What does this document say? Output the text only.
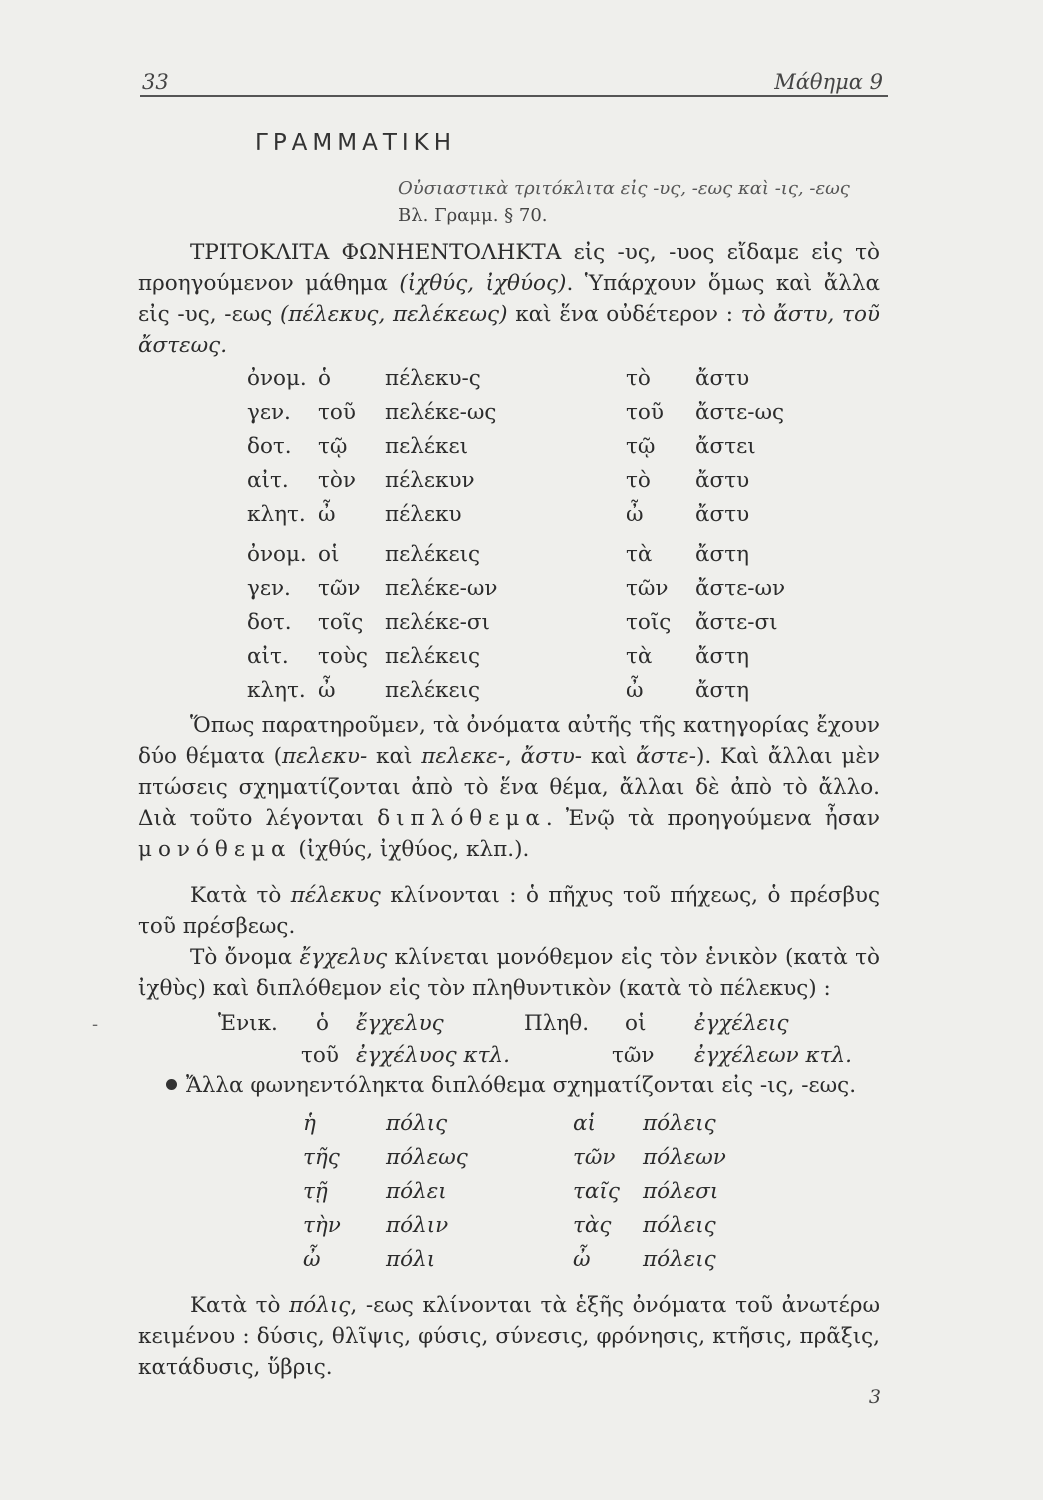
33	Μάθημα 9
ΓΡΑΜΜΑΤΙΚΗ
Οὐσιαστικὰ τριτόκλιτα εἰς -υς, -εως καὶ -ις, -εως
Βλ. Γραμμ. § 70.

ΤΡΙΤΟΚΛΙΤΑ ΦΩΝΗΕΝΤΟΛΗΚΤΑ εἰς -υς, -υος εἴδαμε εἰς τὸ προηγούμενον μάθημα (ἰχθύς, ἰχθύος). Ὑπάρχουν ὅμως καὶ ἄλλα εἰς -υς, -εως (πέλεκυς, πελέκεως) καὶ ἕνα οὐδέτερον : τὸ ἄστυ, τοῦ ἄστεως.

ὀνομ. ὁ	πέλεκυ-ς	τὸ ἄστυ
γεν. τοῦ πελέκε-ως	τοῦ ἄστε-ως
δοτ. τῷ πελέκει	τῷ ἄστει
αἰτ. τὸν πέλεκυν	τὸ ἄστυ
κλητ. ὦ πέλεκυ	ὦ ἄστυ
ὀνομ. οἱ πελέκεις	τὰ ἄστη
γεν. τῶν πελέκε-ων	τῶν ἄστε-ων
δοτ. τοῖς πελέκε-σι	τοῖς ἄστε-σι
αἰτ. τοὺς πελέκεις	τὰ ἄστη
κλητ. ὦ πελέκεις	ὦ ἄστη

Ὅπως παρατηροῦμεν, τὰ ὀνόματα αὐτῆς τῆς κατηγορίας ἔχουν δύο θέματα (πελεκυ- καὶ πελεκε-, ἄστυ- καὶ ἄστε-). Καὶ ἄλλαι μὲν πτώσεις σχηματίζονται ἀπὸ τὸ ἕνα θέμα, ἄλλαι δὲ ἀπὸ τὸ ἄλλο. Διὰ τοῦτο λέγονται διπλόθεμα. Ἐνῷ τὰ προηγούμενα ἦσαν μονόθεμα (ἰχθύς, ἰχθύος, κλπ.).

Κατὰ τὸ πέλεκυς κλίνονται : ὁ πῆχυς τοῦ πήχεως, ὁ πρέσβυς τοῦ πρέσβεως.

Τὸ ὄνομα ἔγχελυς κλίνεται μονόθεμον εἰς τὸν ἑνικὸν (κατὰ τὸ ἰχθὺς) καὶ διπλόθεμον εἰς τὸν πληθυντικὸν (κατὰ τὸ πέλεκυς) :

-	Ἑνικ. ὁ ἔγχελυς	Πληθ. οἱ ἐγχέλεις
τοῦ ἐγχέλυος κτλ.	τῶν ἐγχέλεων κτλ.
Ἄλλα φωνηεντόληκτα διπλόθεμα σχηματίζονται εἰς -ις, -εως.
ἡ	πόλις	αἱ πόλεις
τῆς πόλεως	τῶν πόλεων
τῇ	πόλει	ταῖς πόλεσι
τὴν πόλιν	τὰς πόλεις
ὦ	πόλι	ὦ πόλεις

Κατὰ τὸ πόλις, -εως κλίνονται τὰ ἑξῆς ὀνόματα τοῦ ἀνωτέρω κειμένου : δύσις, θλῖψις, φύσις, σύνεσις, φρόνησις, κτῆσις, πρᾶξις, κατάδυσις, ὕβρις.

3
